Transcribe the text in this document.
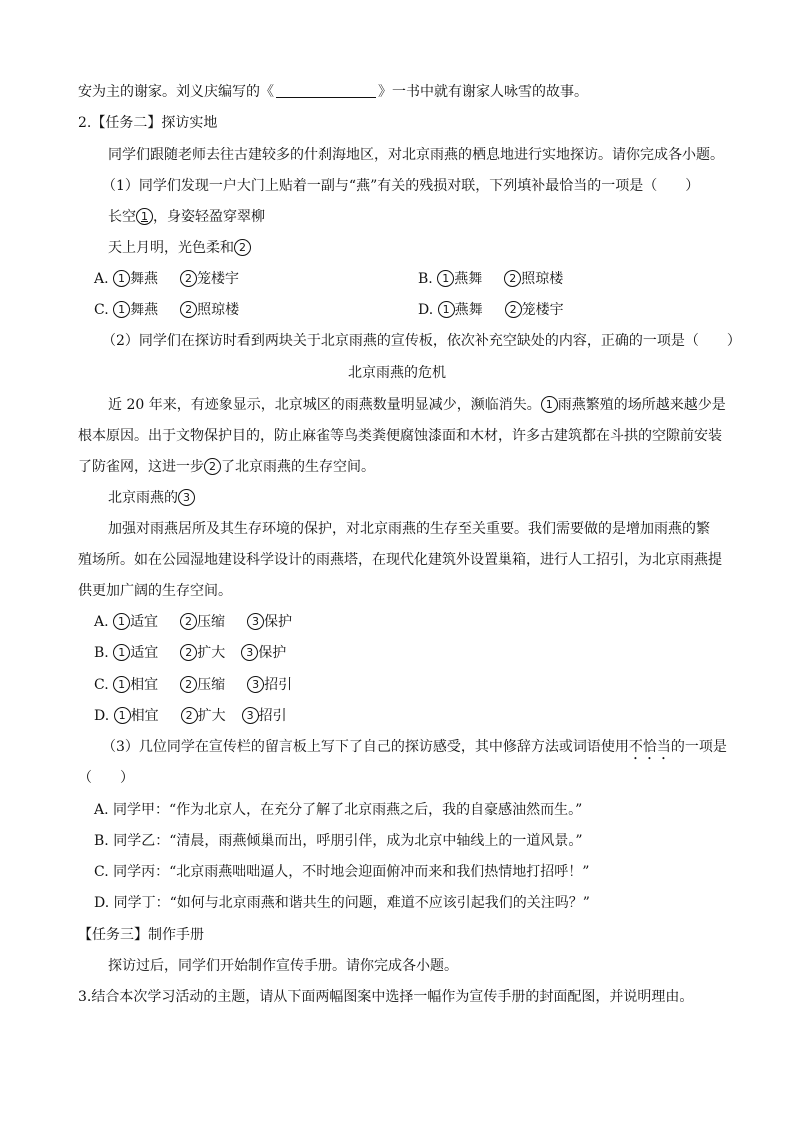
安为主的谢家。刘义庆编写的《	》一书中就有谢家人咏雪的故事。
2.【任务二】探访实地
同学们跟随老师去往古建较多的什刹海地区，对北京雨燕的栖息地进行实地探访。请你完成各小题。
（1）同学们发现一户大门上贴着一副与“燕”有关的残损对联，下列填补最恰当的一项是（　　）
长空 1 ，身姿轻盈穿翠柳
天上月明，光色柔和 2
A. 1 舞燕 2 笼楼宇	B. 1 燕舞 2 照琼楼
C. 1 舞燕 2 照琼楼	D. 1 燕舞 2 笼楼宇
（2）同学们在探访时看到两块关于北京雨燕的宣传板，依次补充空缺处的内容，正确的一项是（　　）
北京雨燕的危机
近 20 年来，有迹象显示，北京城区的雨燕数量明显减少，濒临消失。 1 雨燕繁殖的场所越来越少是
根本原因。出于文物保护目的，防止麻雀等鸟类粪便腐蚀漆面和木材，许多古建筑都在斗拱的空隙前安装
了防雀网，这进一步 2 了北京雨燕的生存空间。
北京雨燕的 3
加强对雨燕居所及其生存环境的保护，对北京雨燕的生存至关重要。我们需要做的是增加雨燕的繁
殖场所。如在公园湿地建设科学设计的雨燕塔，在现代化建筑外设置巢箱，进行人工招引，为北京雨燕提
供更加广阔的生存空间。
A. 1 适宜 2 压缩 3 保护
B. 1 适宜 2 扩大 3 保护
C. 1 相宜 2 压缩 3 招引
D. 1 相宜 2 扩大 3 招引
（3）几位同学在宣传栏的留言板上写下了自己的探访感受，其中修辞方法或词语使用不恰当的一项是
（　　）
A. 同学甲：“作为北京人，在充分了解了北京雨燕之后，我的自豪感油然而生。”
B. 同学乙：“清晨，雨燕倾巢而出，呼朋引伴，成为北京中轴线上的一道风景。”
C. 同学丙：“北京雨燕咄咄逼人，不时地会迎面俯冲而来和我们热情地打招呼！”
D. 同学丁：“如何与北京雨燕和谐共生的问题，难道不应该引起我们的关注吗？”
【任务三】制作手册
探访过后，同学们开始制作宣传手册。请你完成各小题。
3.结合本次学习活动的主题，请从下面两幅图案中选择一幅作为宣传手册的封面配图，并说明理由。
